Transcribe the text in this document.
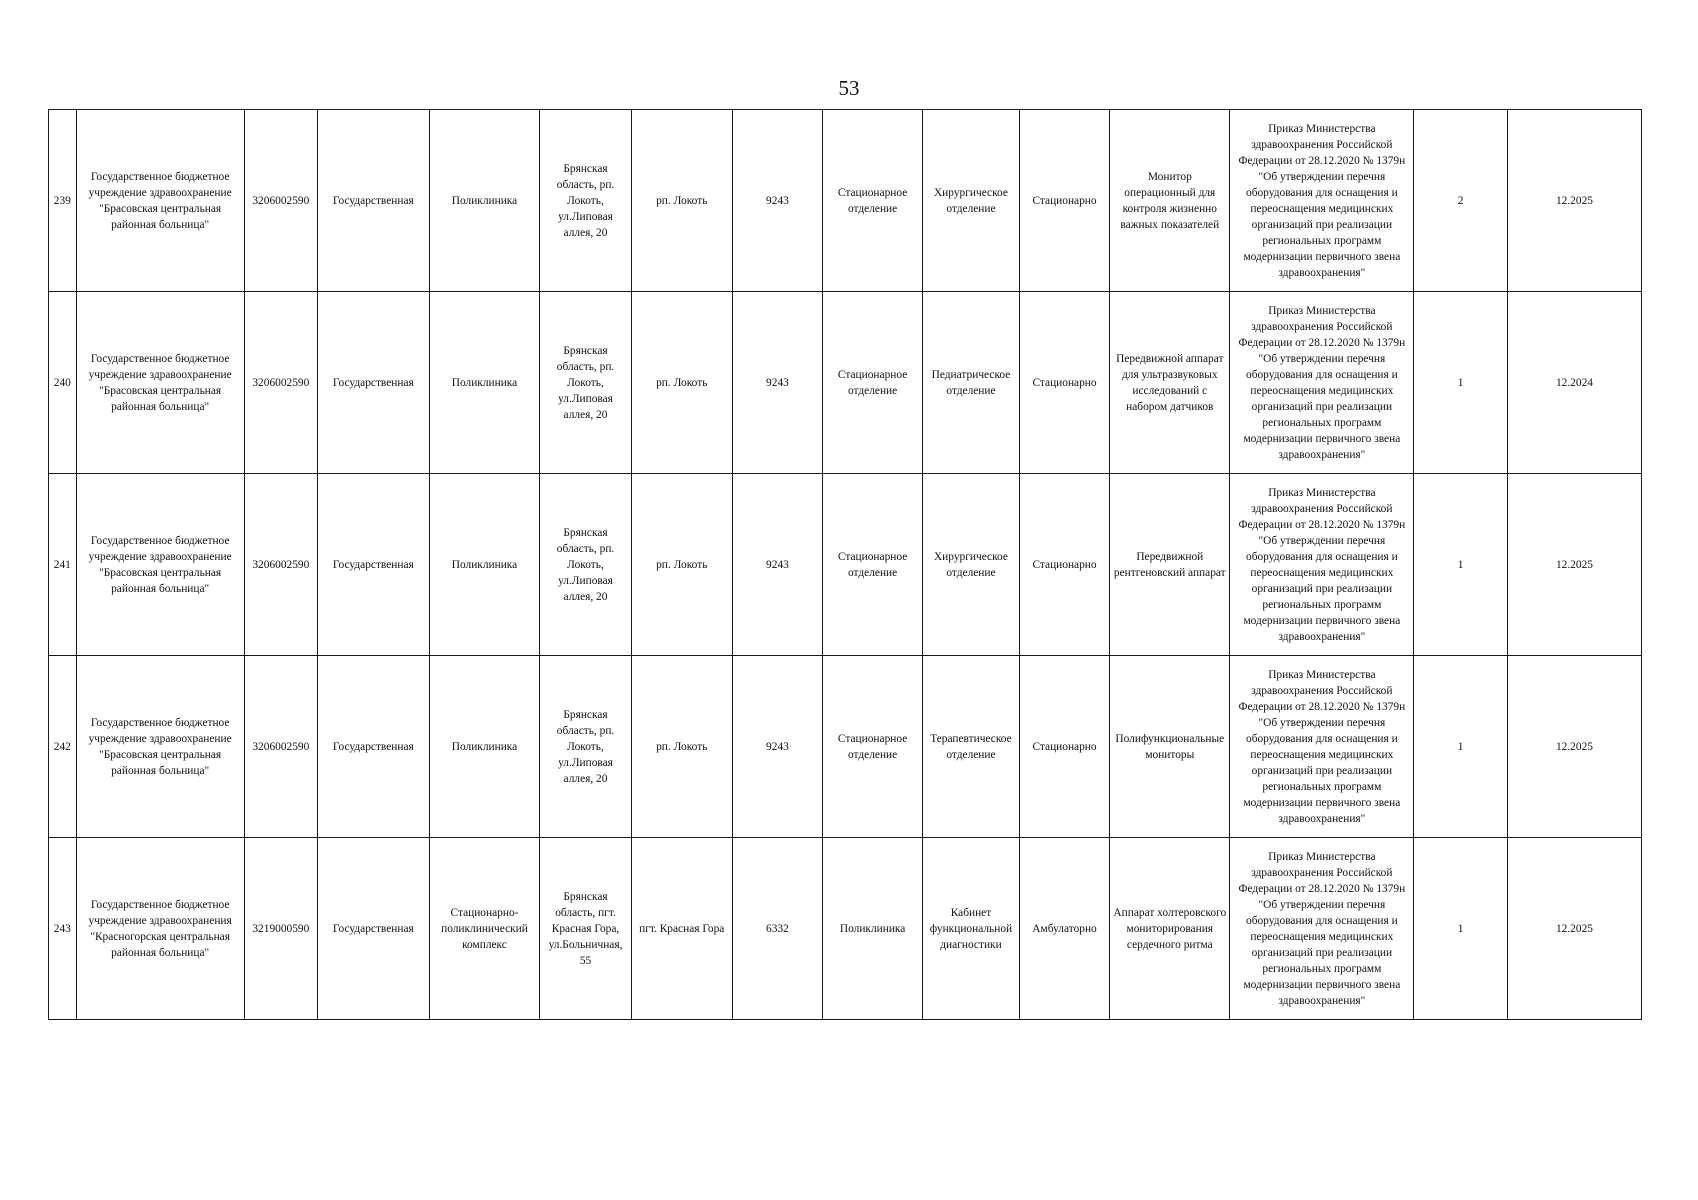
53
239	Государственное бюджетное учреждение здравоохранение "Брасовская центральная районная больница"	3206002590	Государственная	Поликлиника	Брянская область, рп. Локоть, ул.Липовая аллея, 20	рп. Локоть	9243	Стационарное отделение	Хирургическое отделение	Стационарно	Монитор операционный для контроля жизненно важных показателей	Приказ Министерства здравоохранения Российской Федерации от 28.12.2020 № 1379н "Об утверждении перечня оборудования для оснащения и переоснащения медицинских организаций при реализации региональных программ модернизации первичного звена здравоохранения"	2	12.2025
240	Государственное бюджетное учреждение здравоохранение "Брасовская центральная районная больница"	3206002590	Государственная	Поликлиника	Брянская область, рп. Локоть, ул.Липовая аллея, 20	рп. Локоть	9243	Стационарное отделение	Педиатрическое отделение	Стационарно	Передвижной аппарат для ультразвуковых исследований с набором датчиков	Приказ Министерства здравоохранения Российской Федерации от 28.12.2020 № 1379н "Об утверждении перечня оборудования для оснащения и переоснащения медицинских организаций при реализации региональных программ модернизации первичного звена здравоохранения"	1	12.2024
241	Государственное бюджетное учреждение здравоохранение "Брасовская центральная районная больница"	3206002590	Государственная	Поликлиника	Брянская область, рп. Локоть, ул.Липовая аллея, 20	рп. Локоть	9243	Стационарное отделение	Хирургическое отделение	Стационарно	Передвижной рентгеновский аппарат	Приказ Министерства здравоохранения Российской Федерации от 28.12.2020 № 1379н "Об утверждении перечня оборудования для оснащения и переоснащения медицинских организаций при реализации региональных программ модернизации первичного звена здравоохранения"	1	12.2025
242	Государственное бюджетное учреждение здравоохранение "Брасовская центральная районная больница"	3206002590	Государственная	Поликлиника	Брянская область, рп. Локоть, ул.Липовая аллея, 20	рп. Локоть	9243	Стационарное отделение	Терапевтическое отделение	Стационарно	Полифункциональные мониторы	Приказ Министерства здравоохранения Российской Федерации от 28.12.2020 № 1379н "Об утверждении перечня оборудования для оснащения и переоснащения медицинских организаций при реализации региональных программ модернизации первичного звена здравоохранения"	1	12.2025
243	Государственное бюджетное учреждение здравоохранения "Красногорская центральная районная больница"	3219000590	Государственная	Стационарно-поликлинический комплекс	Брянская область, пгт. Красная Гора, ул.Больничная, 55	пгт. Красная Гора	6332	Поликлиника	Кабинет функциональной диагностики	Амбулаторно	Аппарат холтеровского мониторирования сердечного ритма	Приказ Министерства здравоохранения Российской Федерации от 28.12.2020 № 1379н "Об утверждении перечня оборудования для оснащения и переоснащения медицинских организаций при реализации региональных программ модернизации первичного звена здравоохранения"	1	12.2025
